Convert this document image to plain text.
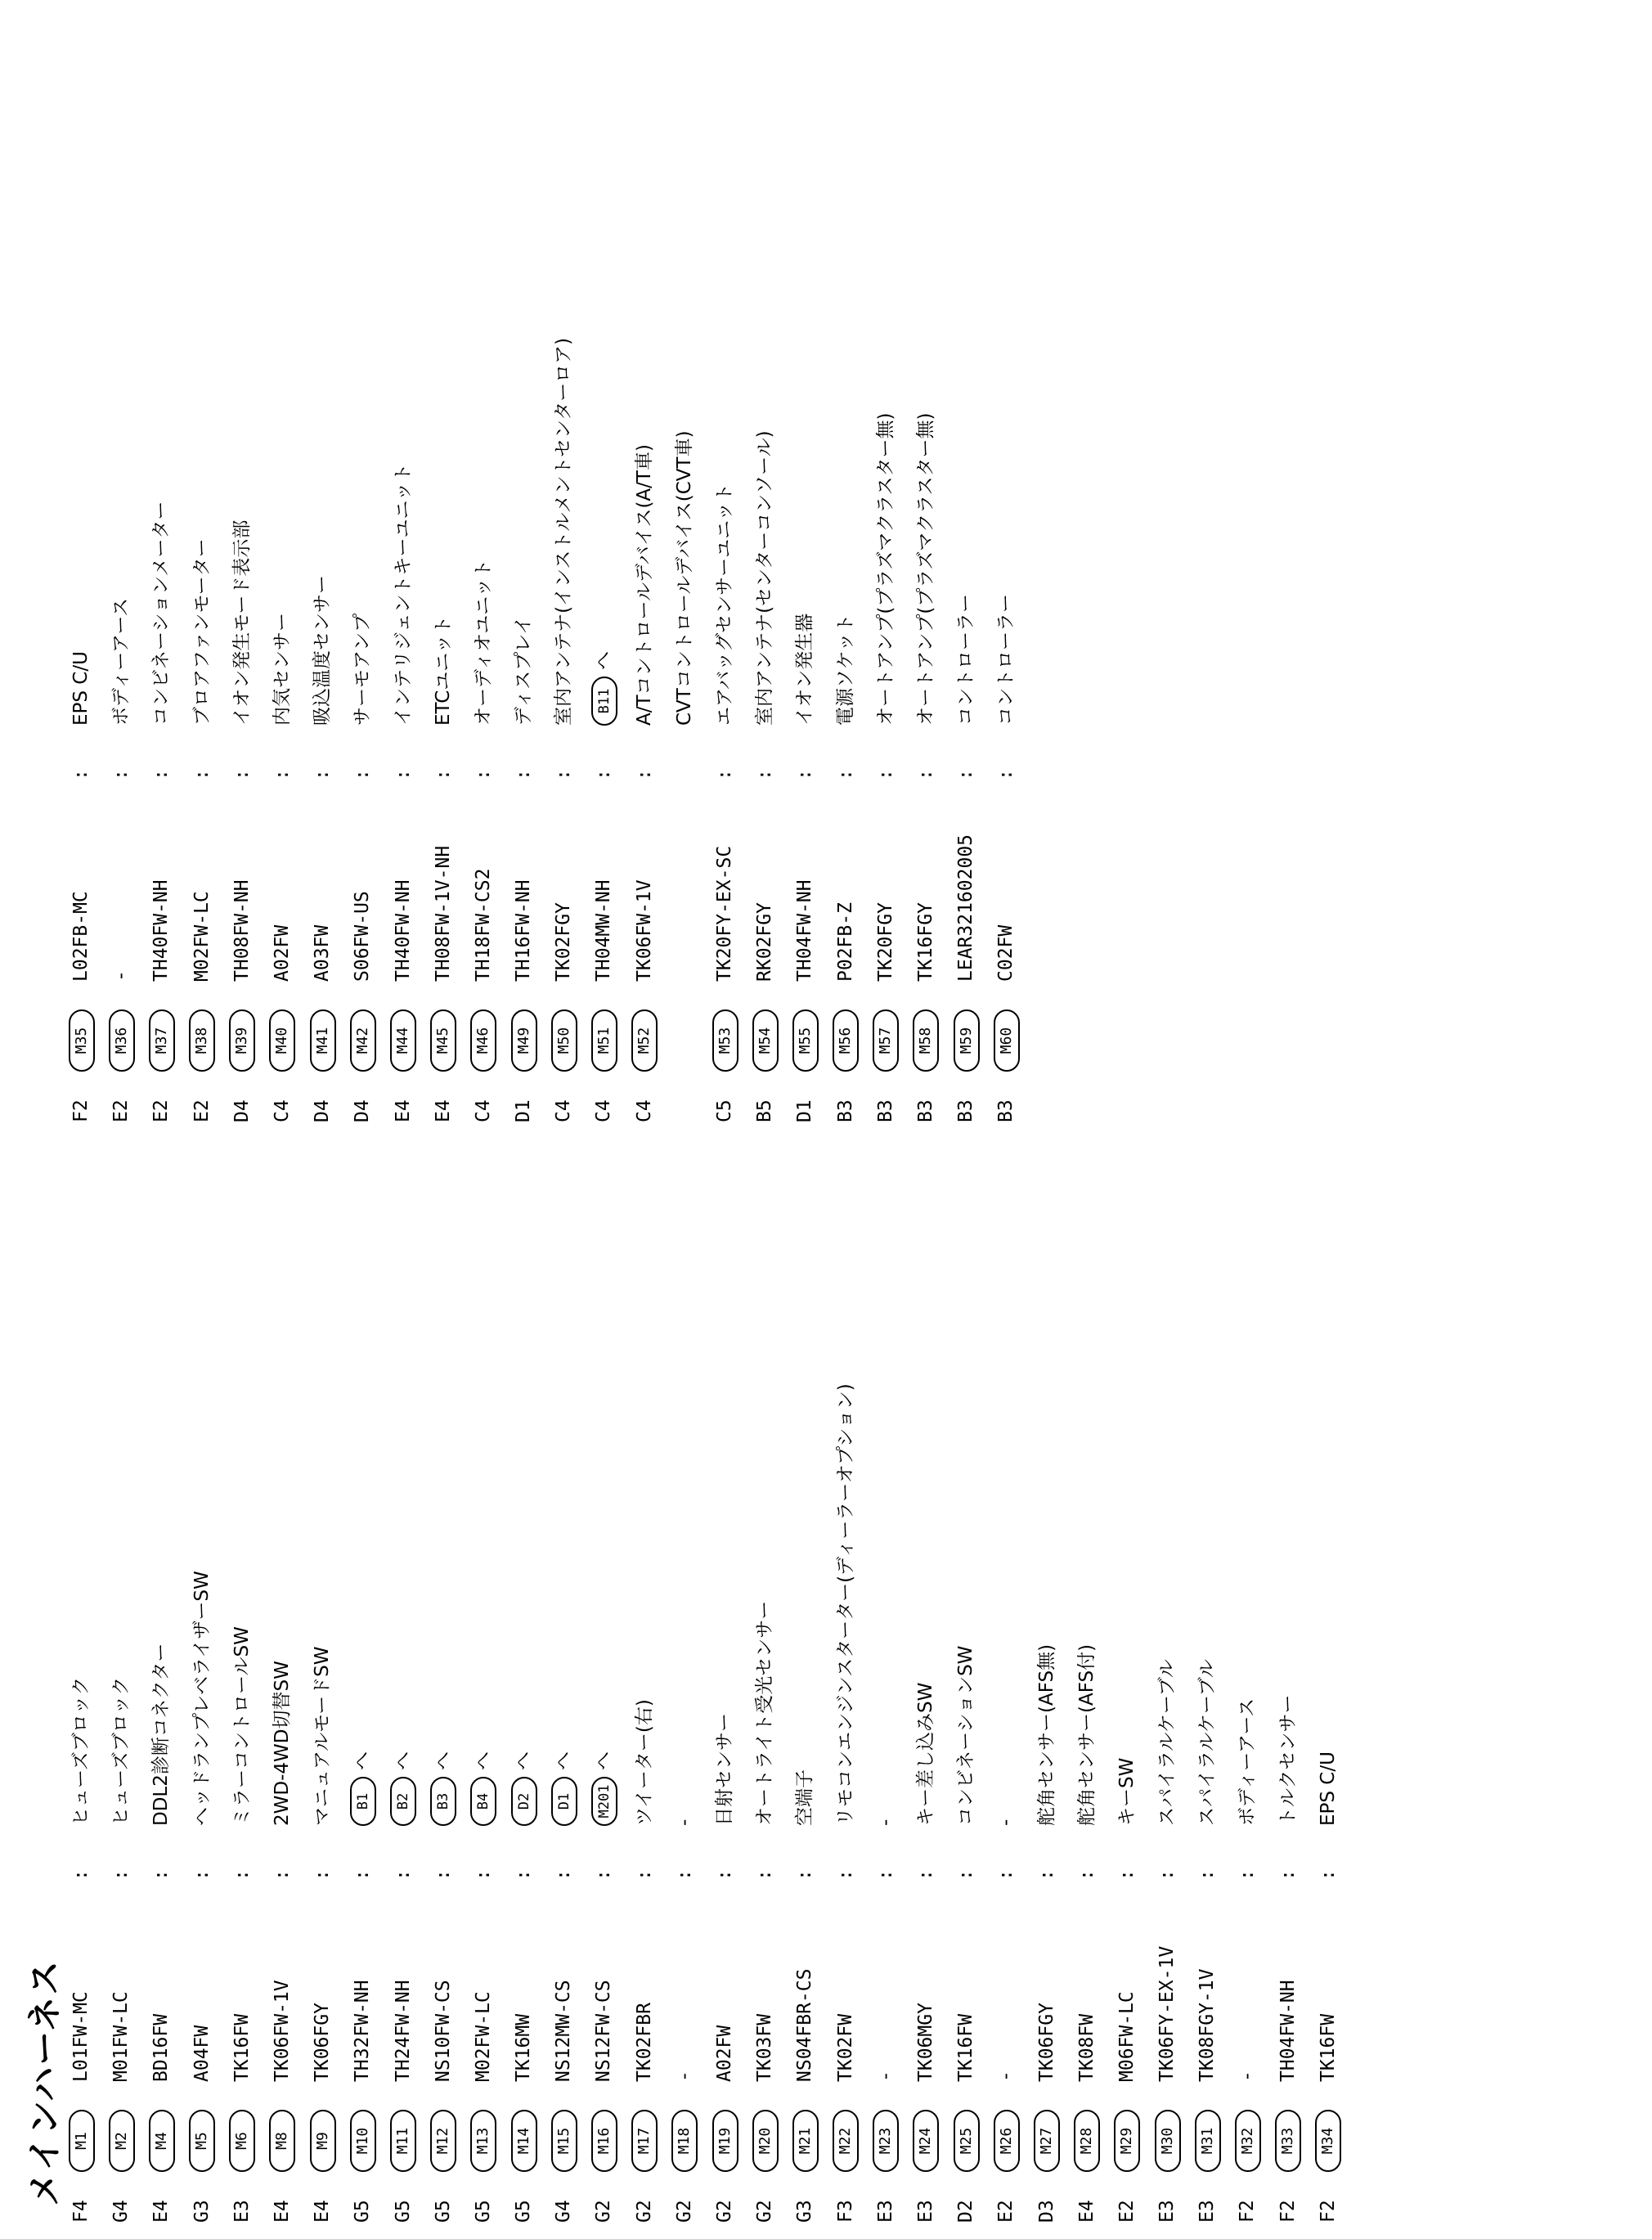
メインハーネス
F4
M1
L01FW-MC
:
ヒューズブロック
G4
M2
M01FW-LC
:
ヒューズブロック
E4
M4
BD16FW
:
DDL2診断コネクター
G3
M5
A04FW
:
ヘッドランプレベライザーSW
E3
M6
TK16FW
:
ミラーコントロールSW
E4
M8
TK06FW-1V
:
2WD-4WD切替SW
E4
M9
TK06FGY
:
マニュアルモードSW
G5
M10
TH32FW-NH
:
B1へ
G5
M11
TH24FW-NH
:
B2へ
G5
M12
NS10FW-CS
:
B3へ
G5
M13
M02FW-LC
:
B4へ
G5
M14
TK16MW
:
D2へ
G4
M15
NS12MW-CS
:
D1へ
G2
M16
NS12FW-CS
:
M201へ
G2
M17
TK02FBR
:
ツイーター(右)
G2
M18
-
:
-
G2
M19
A02FW
:
日射センサー
G2
M20
TK03FW
:
オートライト受光センサー
G3
M21
NS04FBR-CS
:
空端子
F3
M22
TK02FW
:
リモコンエンジンスターター(ディーラーオプション)
E3
M23
-
:
-
E3
M24
TK06MGY
:
キー差し込みSW
D2
M25
TK16FW
:
コンビネーションSW
E2
M26
-
:
-
D3
M27
TK06FGY
:
舵角センサー(AFS無)
E4
M28
TK08FW
:
舵角センサー(AFS付)
E2
M29
M06FW-LC
:
キーSW
E3
M30
TK06FY-EX-1V
:
スパイラルケーブル
E3
M31
TK08FGY-1V
:
スパイラルケーブル
F2
M32
-
:
ボディーアース
F2
M33
TH04FW-NH
:
トルクセンサー
F2
M34
TK16FW
:
EPS C/U
F2
M35
L02FB-MC
:
EPS C/U
E2
M36
-
:
ボディーアース
E2
M37
TH40FW-NH
:
コンビネーションメーター
E2
M38
M02FW-LC
:
ブロアファンモーター
D4
M39
TH08FW-NH
:
イオン発生モード表示部
C4
M40
A02FW
:
内気センサー
D4
M41
A03FW
:
吸込温度センサー
D4
M42
S06FW-US
:
サーモアンプ
E4
M44
TH40FW-NH
:
インテリジェントキーユニット
E4
M45
TH08FW-1V-NH
:
ETCユニット
C4
M46
TH18FW-CS2
:
オーディオユニット
D1
M49
TH16FW-NH
:
ディスプレイ
C4
M50
TK02FGY
:
室内アンテナ(インストルメントセンターロア)
C4
M51
TH04MW-NH
:
B11へ
C4
M52
TK06FW-1V
:
A/Tコントロールデバイス(A/T車)	CVTコントロールデバイス(CVT車)
C5
M53
TK20FY-EX-SC
:
エアバッグセンサーユニット
B5
M54
RK02FGY
:
室内アンテナ(センターコンソール)
D1
M55
TH04FW-NH
:
イオン発生器
B3
M56
P02FB-Z
:
電源ソケット
B3
M57
TK20FGY
:
オートアンプ(プラズマクラスター無)
B3
M58
TK16FGY
:
オートアンプ(プラズマクラスター無)
B3
M59
LEAR321602005
:
コントローラー
B3
M60
C02FW
:
コントローラー
